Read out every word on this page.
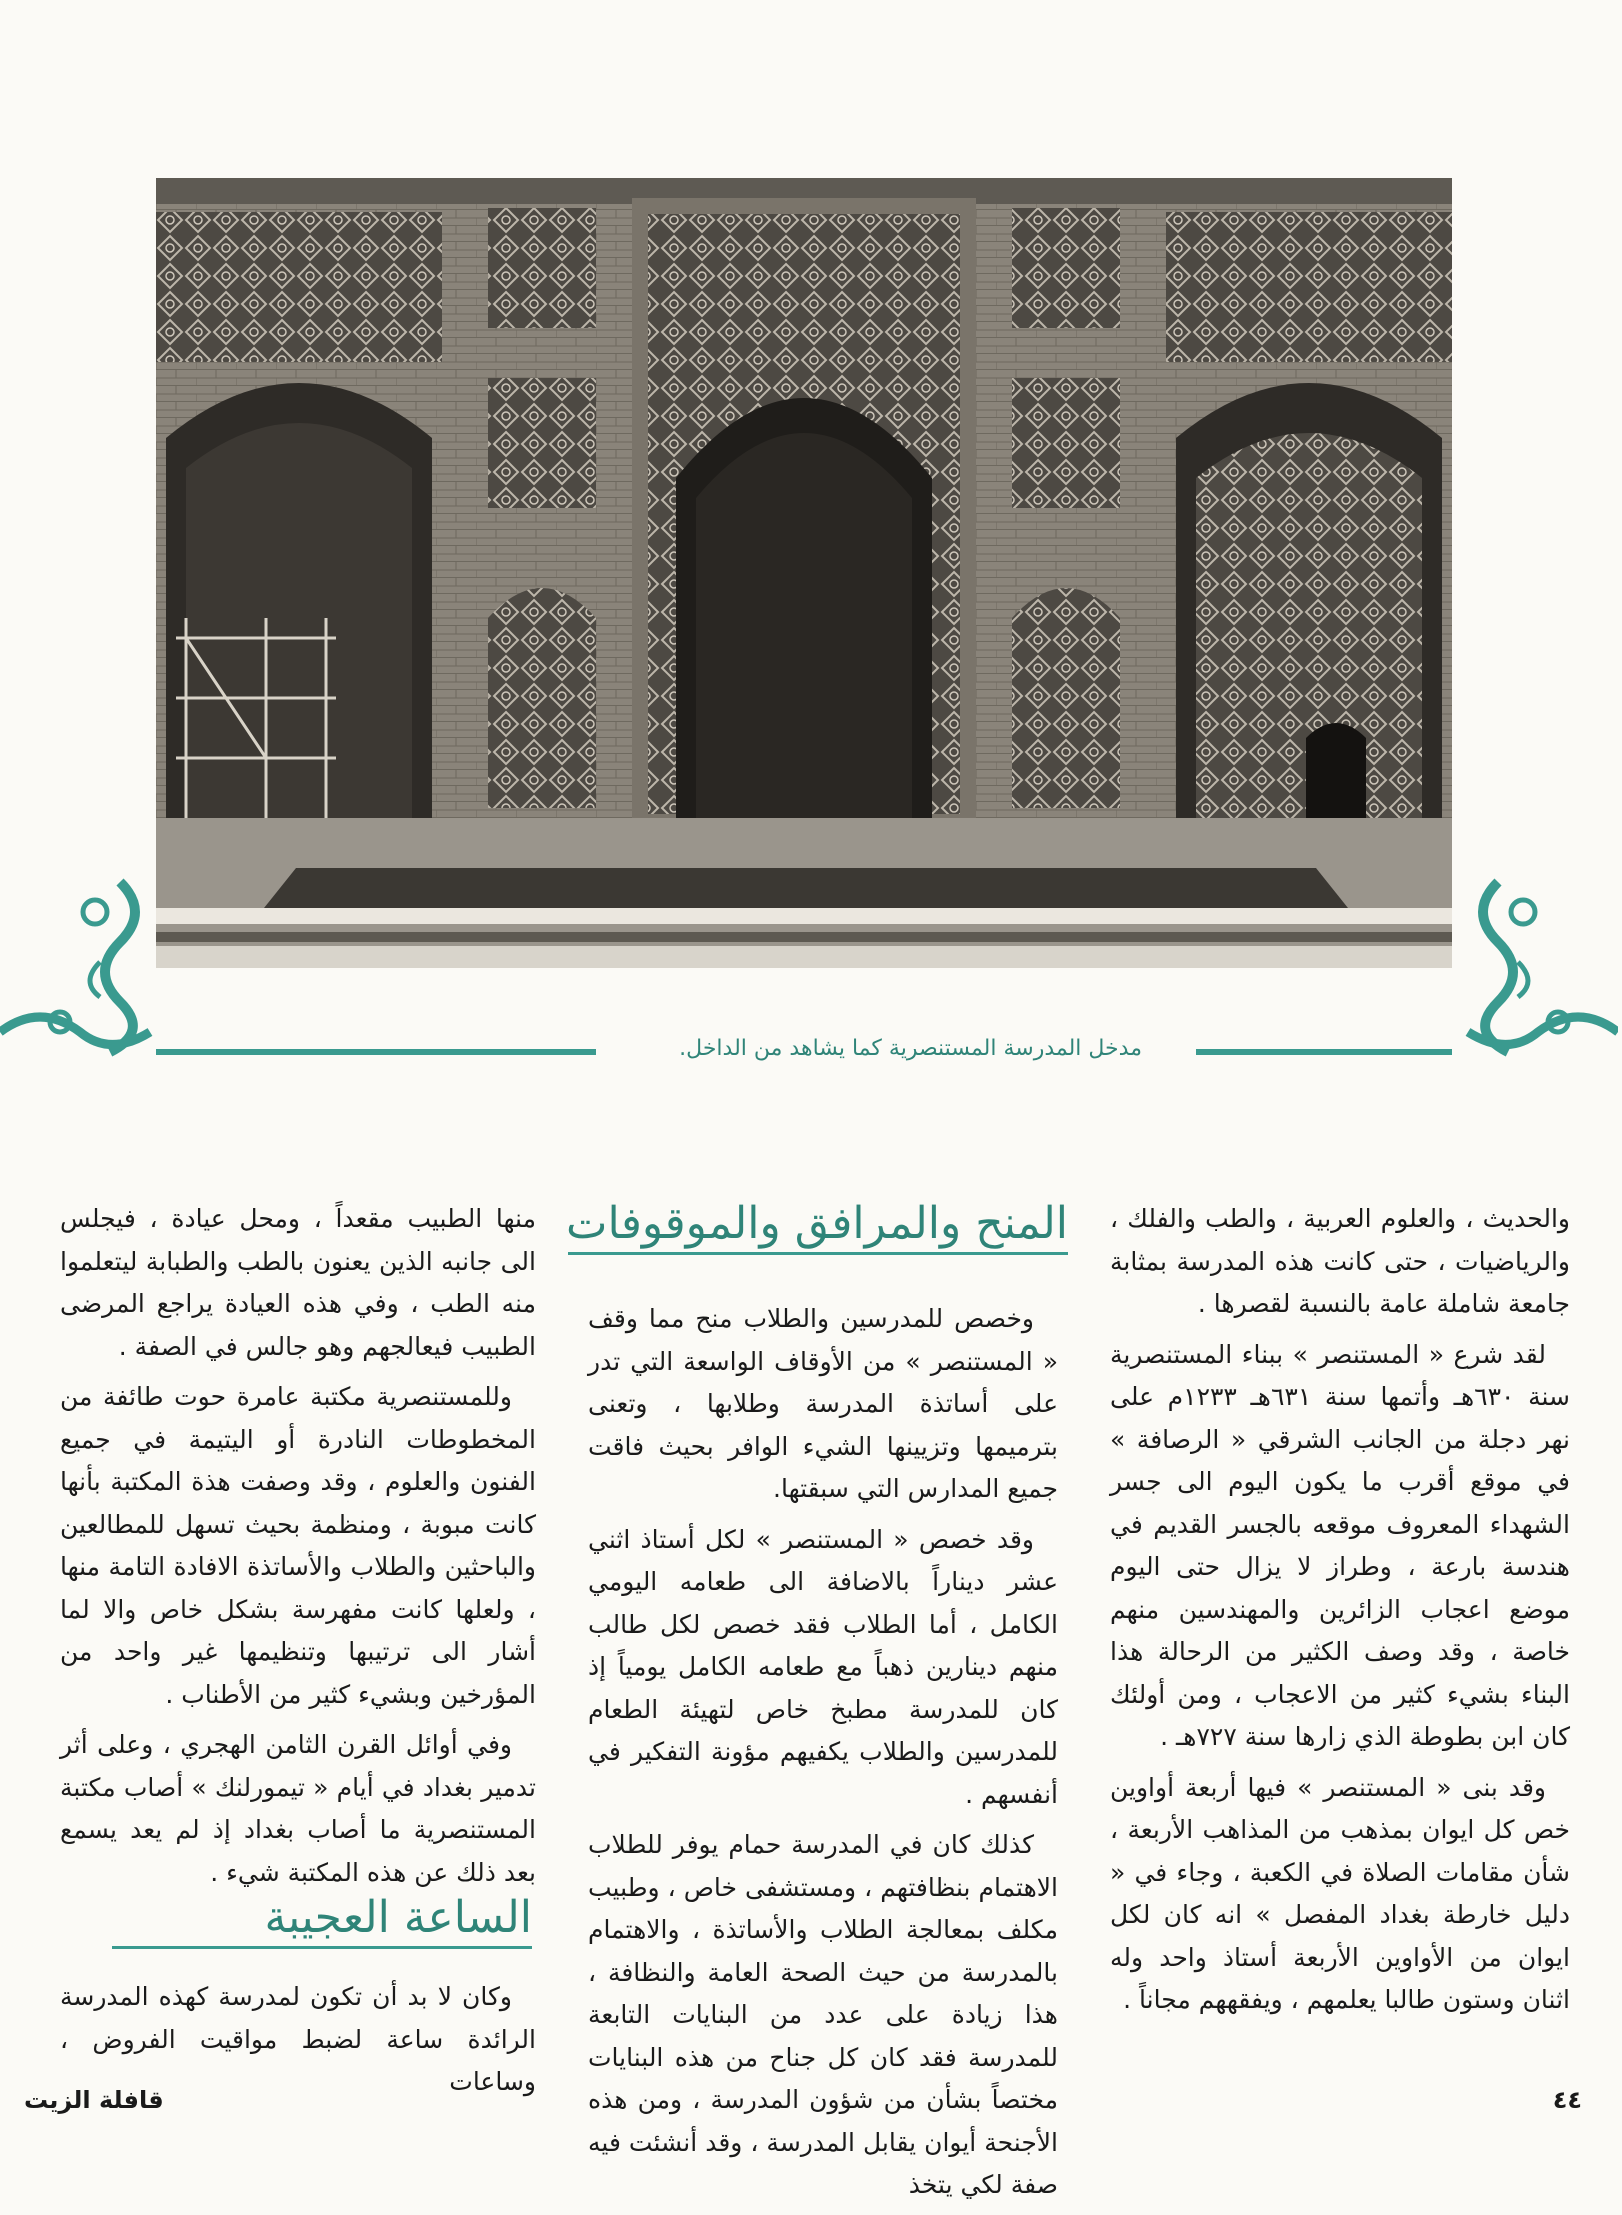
مدخل المدرسة المستنصرية كما يشاهد من الداخل.

والحديث ، والعلوم العربية ، والطب والفلك ، والرياضيات ، حتى كانت هذه المدرسة بمثابة جامعة شاملة عامة بالنسبة لقصرها .

لقد شرع « المستنصر » ببناء المستنصرية سنة ٦٣٠هـ وأتمها سنة ٦٣١هـ ١٢٣٣م على نهر دجلة من الجانب الشرقي « الرصافة » في موقع أقرب ما يكون اليوم الى جسر الشهداء المعروف موقعه بالجسر القديم في هندسة بارعة ، وطراز لا يزال حتى اليوم موضع اعجاب الزائرين والمهندسين منهم خاصة ، وقد وصف الكثير من الرحالة هذا البناء بشيء كثير من الاعجاب ، ومن أولئك كان ابن بطوطة الذي زارها سنة ٧٢٧هـ .

وقد بنى « المستنصر » فيها أربعة أواوين خص كل ايوان بمذهب من المذاهب الأربعة ، شأن مقامات الصلاة في الكعبة ، وجاء في « دليل خارطة بغداد المفصل » انه كان لكل ايوان من الأواوين الأربعة أستاذ واحد وله اثنان وستون طالبا يعلمهم ، ويفقههم مجاناً .

المنح والمرافق والموقوفات

وخصص للمدرسين والطلاب منح مما وقف « المستنصر » من الأوقاف الواسعة التي تدر على أساتذة المدرسة وطلابها ، وتعنى بترميمها وتزيينها الشيء الوافر بحيث فاقت جميع المدارس التي سبقتها.

وقد خصص « المستنصر » لكل أستاذ اثني عشر ديناراً بالاضافة الى طعامه اليومي الكامل ، أما الطلاب فقد خصص لكل طالب منهم دينارين ذهباً مع طعامه الكامل يومياً إذ كان للمدرسة مطبخ خاص لتهيئة الطعام للمدرسين والطلاب يكفيهم مؤونة التفكير في أنفسهم .

كذلك كان في المدرسة حمام يوفر للطلاب الاهتمام بنظافتهم ، ومستشفى خاص ، وطبيب مكلف بمعالجة الطلاب والأساتذة ، والاهتمام بالمدرسة من حيث الصحة العامة والنظافة ، هذا زيادة على عدد من البنايات التابعة للمدرسة فقد كان كل جناح من هذه البنايات مختصاً بشأن من شؤون المدرسة ، ومن هذه الأجنحة أيوان يقابل المدرسة ، وقد أنشئت فيه صفة لكي يتخذ

منها الطبيب مقعداً ، ومحل عيادة ، فيجلس الى جانبه الذين يعنون بالطب والطبابة ليتعلموا منه الطب ، وفي هذه العيادة يراجع المرضى الطبيب فيعالجهم وهو جالس في الصفة .

وللمستنصرية مكتبة عامرة حوت طائفة من المخطوطات النادرة أو اليتيمة في جميع الفنون والعلوم ، وقد وصفت هذة المكتبة بأنها كانت مبوبة ، ومنظمة بحيث تسهل للمطالعين والباحثين والطلاب والأساتذة الافادة التامة منها ، ولعلها كانت مفهرسة بشكل خاص والا لما أشار الى ترتيبها وتنظيمها غير واحد من المؤرخين وبشيء كثير من الأطناب .

وفي أوائل القرن الثامن الهجري ، وعلى أثر تدمير بغداد في أيام « تيمورلنك » أصاب مكتبة المستنصرية ما أصاب بغداد إذ لم يعد يسمع بعد ذلك عن هذه المكتبة شيء .

الساعة العجيبة

وكان لا بد أن تكون لمدرسة كهذه المدرسة الرائدة ساعة لضبط مواقيت الفروض ، وساعات

قافلة الزيت	٤٤
